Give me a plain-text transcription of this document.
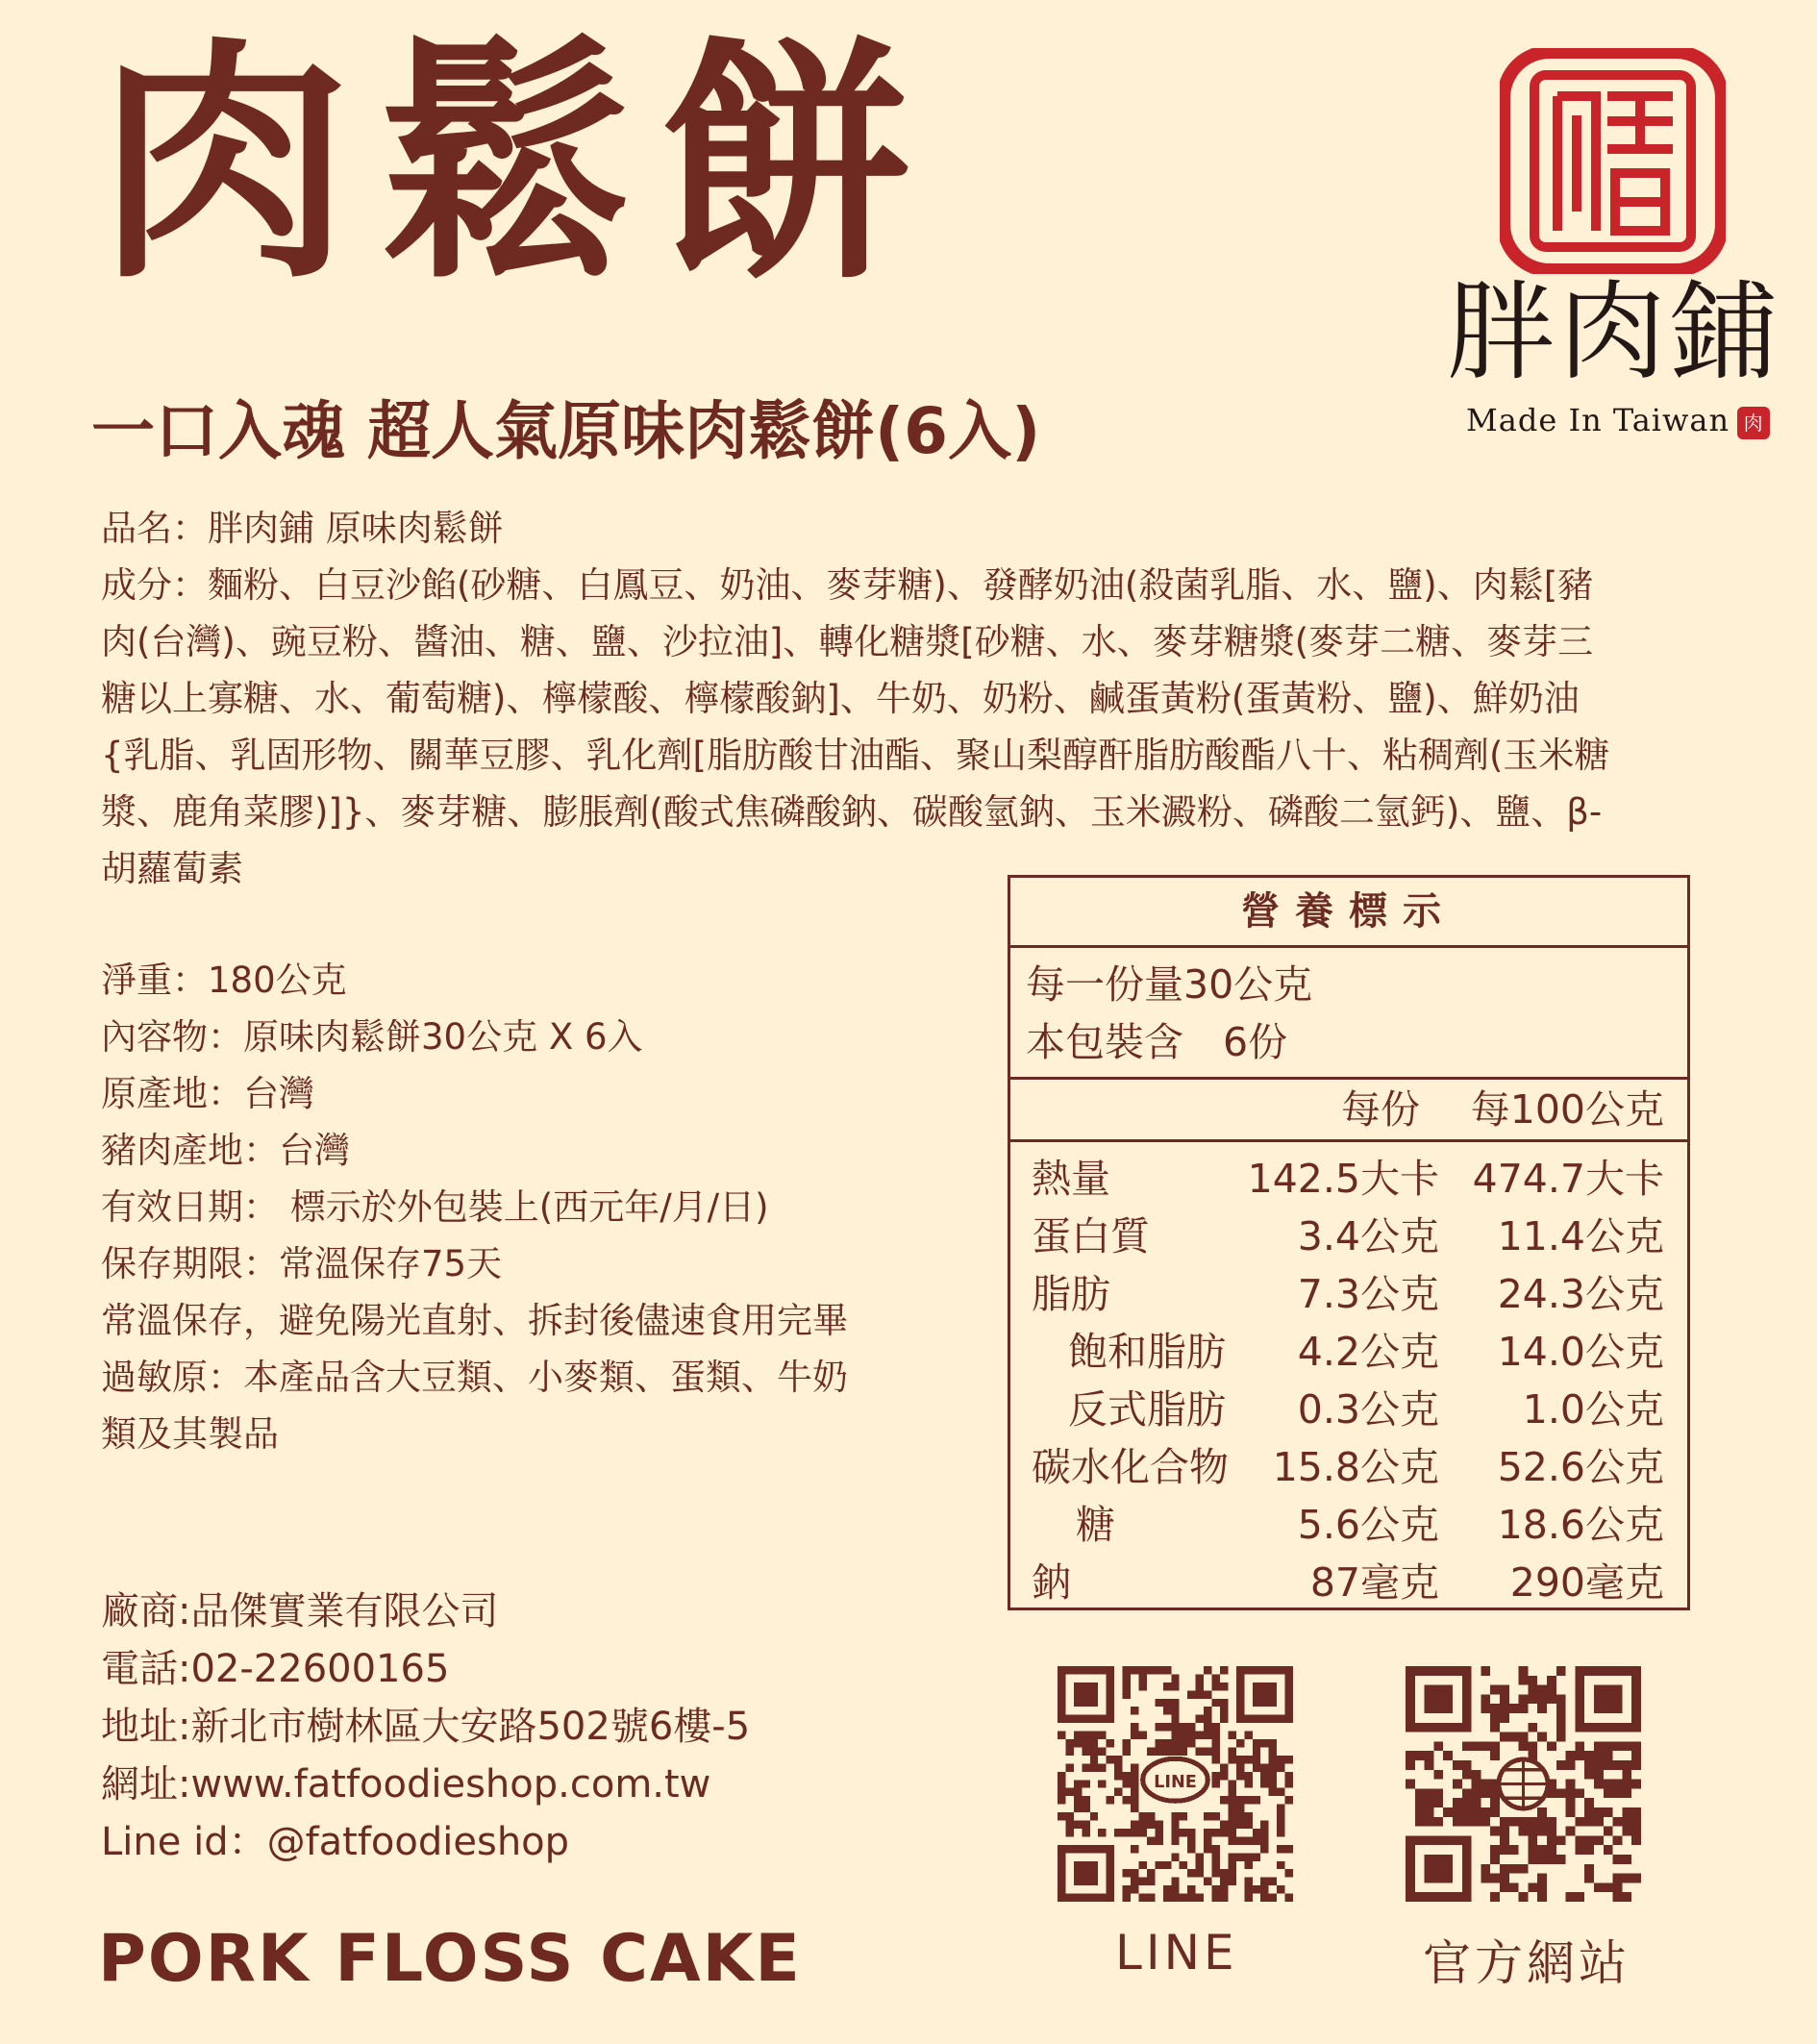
肉鬆餅
一口入魂 超人氣原味肉鬆餅(6入)
胖肉鋪
Made In Taiwan 肉

品名：胖肉鋪 原味肉鬆餅

成分：麵粉、白豆沙餡(砂糖、白鳳豆、奶油、麥芽糖)、發酵奶油(殺菌乳脂、水、鹽)、肉鬆[豬

肉(台灣)、豌豆粉、醬油、糖、鹽、沙拉油]、轉化糖漿[砂糖、水、麥芽糖漿(麥芽二糖、麥芽三

糖以上寡糖、水、葡萄糖)、檸檬酸、檸檬酸鈉]、牛奶、奶粉、鹹蛋黃粉(蛋黃粉、鹽)、鮮奶油

{乳脂、乳固形物、關華豆膠、乳化劑[脂肪酸甘油酯、聚山梨醇酐脂肪酸酯八十、粘稠劑(玉米糖

漿、鹿角菜膠)]}、麥芽糖、膨脹劑(酸式焦磷酸鈉、碳酸氫鈉、玉米澱粉、磷酸二氫鈣)、鹽、β-

胡蘿蔔素

淨重：180公克

內容物：原味肉鬆餅30公克 X 6入

原產地：台灣

豬肉產地：台灣

有效日期： 標示於外包裝上(西元年/月/日)

保存期限：常溫保存75天

常溫保存，避免陽光直射、拆封後儘速食用完畢

過敏原：本產品含大豆類、小麥類、蛋類、牛奶

類及其製品

廠商:品傑實業有限公司

電話:02-22600165

地址:新北市樹林區大安路502號6樓-5

網址:www.fatfoodieshop.com.tw

Line id：@fatfoodieshop

PORK FLOSS CAKE
營養標示
每一份量30公克
本包裝含　6份
每份 每100公克
熱量	142.5大卡 474.7大卡
蛋白質	3.4公克 11.4公克
脂肪	7.3公克 24.3公克
飽和脂肪 4.2公克 14.0公克
反式脂肪 0.3公克 1.0公克
碳水化合物 15.8公克 52.6公克
糖	5.6公克 18.6公克
鈉	87毫克 290毫克
LINE
LINE	官方網站
